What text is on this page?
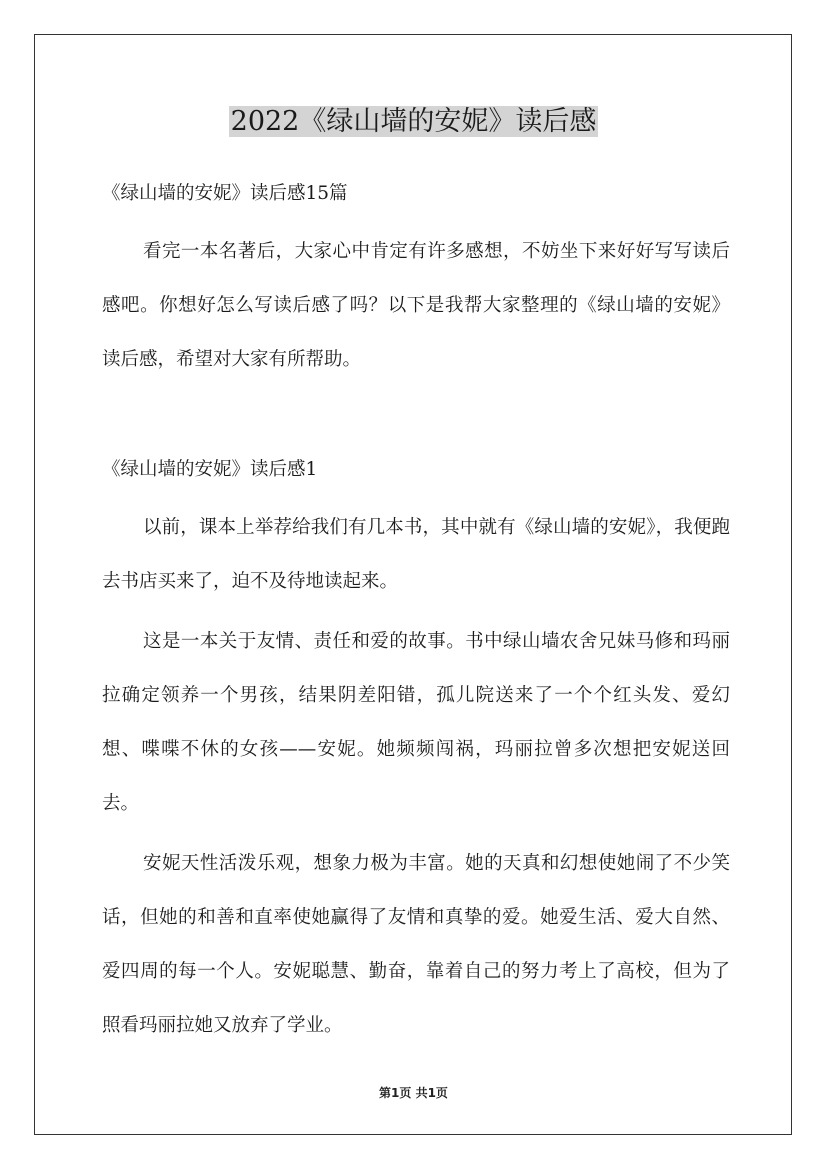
2022《绿山墙的安妮》读后感

《绿山墙的安妮》读后感15篇

看完一本名著后，大家心中肯定有许多感想，不妨坐下来好好写写读后感吧。你想好怎么写读后感了吗？以下是我帮大家整理的《绿山墙的安妮》读后感，希望对大家有所帮助。

《绿山墙的安妮》读后感1

以前，课本上举荐给我们有几本书，其中就有《绿山墙的安妮》，我便跑去书店买来了，迫不及待地读起来。

这是一本关于友情、责任和爱的故事。书中绿山墙农舍兄妹马修和玛丽拉确定领养一个男孩，结果阴差阳错，孤儿院送来了一个个红头发、爱幻想、喋喋不休的女孩——安妮。她频频闯祸，玛丽拉曾多次想把安妮送回去。

安妮天性活泼乐观，想象力极为丰富。她的天真和幻想使她闹了不少笑话，但她的和善和直率使她赢得了友情和真挚的爱。她爱生活、爱大自然、爱四周的每一个人。安妮聪慧、勤奋，靠着自己的努力考上了高校，但为了照看玛丽拉她又放弃了学业。

第1页 共1页
